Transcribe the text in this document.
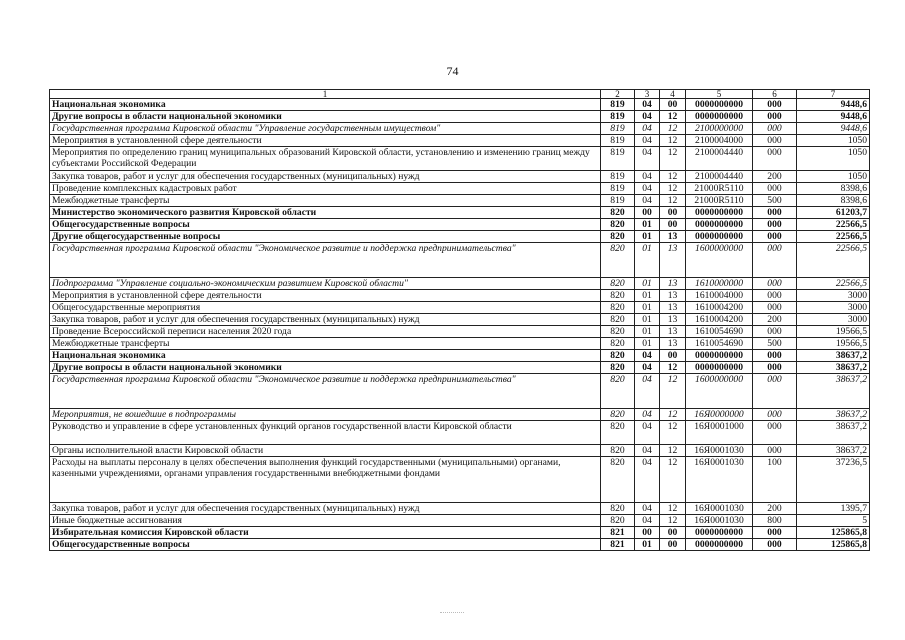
74
1	2	3	4	5	6	7
Национальная экономика	819	04	00	0000000000	000	9448,6
Другие вопросы в области национальной экономики	819	04	12	0000000000	000	9448,6
Государственная программа Кировской области "Управление государственным имуществом"	819	04	12	2100000000	000	9448,6
Мероприятия в установленной сфере деятельности	819	04	12	2100004000	000	1050
Мероприятия по определению границ муниципальных образований Кировской области, установлению и изменению границ между субъектами Российской Федерации	819	04	12	2100004440	000	1050
Закупка товаров, работ и услуг для обеспечения государственных (муниципальных) нужд	819	04	12	2100004440	200	1050
Проведение комплексных кадастровых работ	819	04	12	21000R5110	000	8398,6
Межбюджетные трансферты	819	04	12	21000R5110	500	8398,6
Министерство экономического развития Кировской области	820	00	00	0000000000	000	61203,7
Общегосударственные вопросы	820	01	00	0000000000	000	22566,5
Другие общегосударственные вопросы	820	01	13	0000000000	000	22566,5
Государственная программа Кировской области "Экономическое развитие и поддержка предпринимательства"	820	01	13	1600000000	000	22566,5
Подпрограмма "Управление социально-экономическим развитием Кировской области"	820	01	13	1610000000	000	22566,5
Мероприятия в установленной сфере деятельности	820	01	13	1610004000	000	3000
Общегосударственные мероприятия	820	01	13	1610004200	000	3000
Закупка товаров, работ и услуг для обеспечения государственных (муниципальных) нужд	820	01	13	1610004200	200	3000
Проведение Всероссийской переписи населения 2020 года	820	01	13	1610054690	000	19566,5
Межбюджетные трансферты	820	01	13	1610054690	500	19566,5
Национальная экономика	820	04	00	0000000000	000	38637,2
Другие вопросы в области национальной экономики	820	04	12	0000000000	000	38637,2
Государственная программа Кировской области "Экономическое развитие и поддержка предпринимательства"	820	04	12	1600000000	000	38637,2
Мероприятия, не вошедшие в подпрограммы	820	04	12	16Я0000000	000	38637,2
Руководство и управление в сфере установленных функций органов государственной власти Кировской области	820	04	12	16Я0001000	000	38637,2
Органы исполнительной власти Кировской области	820	04	12	16Я0001030	000	38637,2
Расходы на выплаты персоналу в целях обеспечения выполнения функций государственными (муниципальными) органами, казенными учреждениями, органами управления государственными внебюджетными фондами	820	04	12	16Я0001030	100	37236,5
Закупка товаров, работ и услуг для обеспечения государственных (муниципальных) нужд	820	04	12	16Я0001030	200	1395,7
Иные бюджетные ассигнования	820	04	12	16Я0001030	800	5
Избирательная комиссия Кировской области	821	00	00	0000000000	000	125865,8
Общегосударственные вопросы	821	01	00	0000000000	000	125865,8
